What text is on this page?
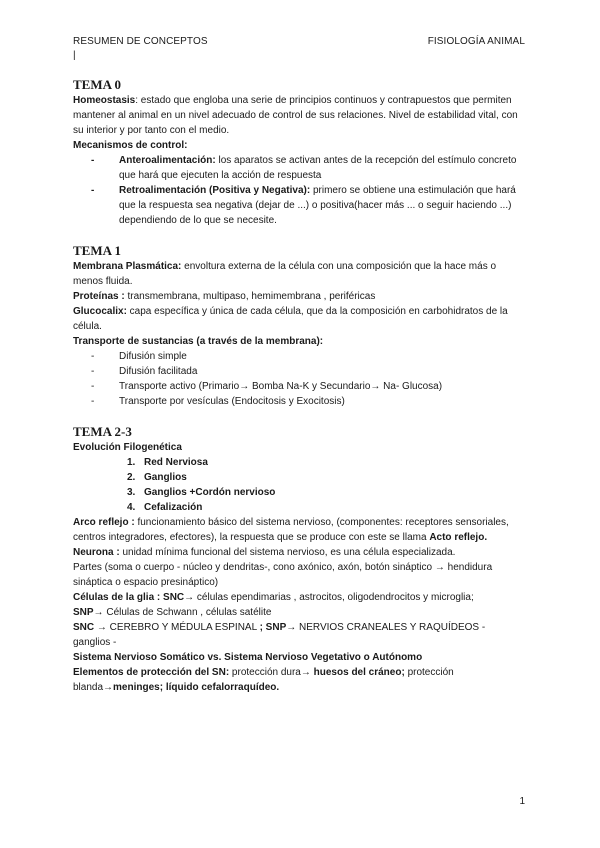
RESUMEN DE CONCEPTOS	FISIOLOGÍA ANIMAL
|
TEMA 0

Homeostasis: estado que engloba una serie de principios continuos y contrapuestos que permiten mantener al animal en un nivel adecuado de control de sus relaciones. Nivel de estabilidad vital, con su interior y por tanto con el medio.

Mecanismos de control:

- Anteroalimentación: los aparatos se activan antes de la recepción del estímulo concreto que hará que ejecuten la acción de respuesta
- Retroalimentación (Positiva y Negativa): primero se obtiene una estimulación que hará que la respuesta sea negativa (dejar de ...) o positiva(hacer más ... o seguir haciendo ...) dependiendo de lo que se necesite.
TEMA 1

Membrana Plasmática: envoltura externa de la célula con una composición que la hace más o menos fluida.

Proteínas : transmembrana, multipaso, hemimembrana , periféricas

Glucocalix: capa específica y única de cada célula, que da la composición en carbohidratos de la célula.

Transporte de sustancias (a través de la membrana):

- Difusión simple
- Difusión facilitada
- Transporte activo (Primario→ Bomba Na-K y Secundario→ Na- Glucosa)
- Transporte por vesículas (Endocitosis y Exocitosis)
TEMA 2-3

Evolución Filogenética

1. Red Nerviosa
2. Ganglios
3. Ganglios +Cordón nervioso
4. Cefalización

Arco reflejo : funcionamiento básico del sistema nervioso, (componentes: receptores sensoriales, centros integradores, efectores), la respuesta que se produce con este se llama Acto reflejo.

Neurona : unidad mínima funcional del sistema nervioso, es una célula especializada.

Partes (soma o cuerpo - núcleo y dendritas-, cono axónico, axón, botón sináptico → hendidura sináptica o espacio presináptico)

Células de la glia : SNC→ células ependimarias , astrocitos, oligodendrocitos y microglia;

SNP→ Células de Schwann , células satélite

SNC → CEREBRO Y MÉDULA ESPINAL ; SNP→ NERVIOS CRANEALES Y RAQUÍDEOS - ganglios -

Sistema Nervioso Somático vs. Sistema Nervioso Vegetativo o Autónomo

Elementos de protección del SN: protección dura→ huesos del cráneo; protección blanda→meninges; líquido cefalorraquídeo.

1
